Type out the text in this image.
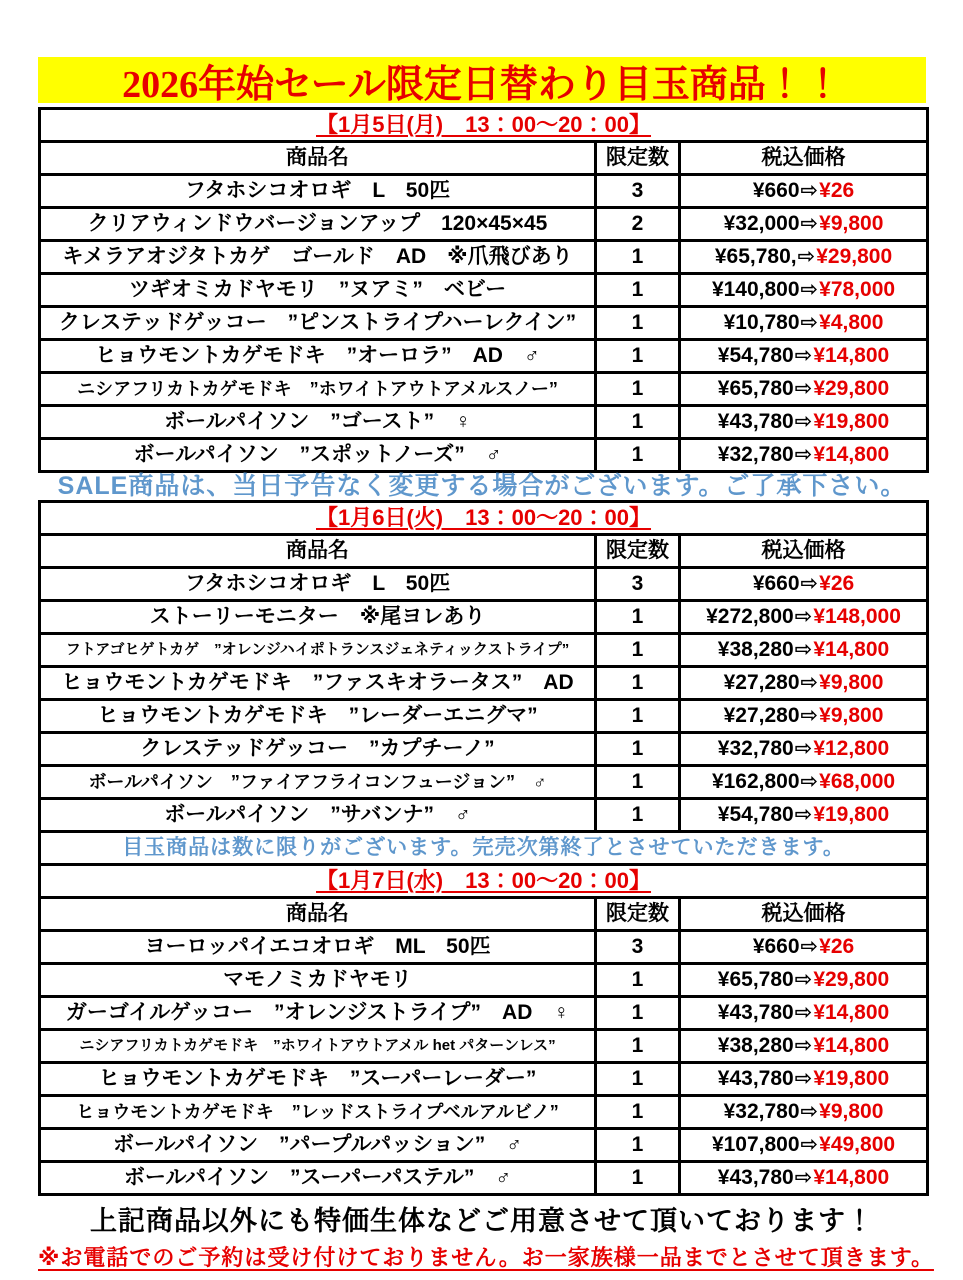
2026年始セール限定日替わり目玉商品！！
【1月5日(月)　13：00～20：00】		
商品名	限定数	税込価格
フタホシコオロギ　L　50匹	3	¥660⇨¥26
クリアウィンドウバージョンアップ　120×45×45	2	¥32,000⇨¥9,800
キメラアオジタトカゲ　ゴールド　AD　※爪飛びあり	1	¥65,780,⇨¥29,800
ツギオミカドヤモリ　”ヌアミ”　ベビー	1	¥140,800⇨¥78,000
クレステッドゲッコー　”ピンストライプハーレクイン”	1	¥10,780⇨¥4,800
ヒョウモントカゲモドキ　”オーロラ”　AD　♂	1	¥54,780⇨¥14,800
ニシアフリカトカゲモドキ　”ホワイトアウトアメルスノー”	1	¥65,780⇨¥29,800
ボールパイソン　”ゴースト”　♀	1	¥43,780⇨¥19,800
ボールパイソン　”スポットノーズ”　♂	1	¥32,780⇨¥14,800
SALE商品は、当日予告なく変更する場合がございます。ご了承下さい。
【1月6日(火)　13：00～20：00】		
商品名	限定数	税込価格
フタホシコオロギ　L　50匹	3	¥660⇨¥26
ストーリーモニター　※尾ヨレあり	1	¥272,800⇨¥148,000
フトアゴヒゲトカゲ　”オレンジハイポトランスジェネティックストライプ”	1	¥38,280⇨¥14,800
ヒョウモントカゲモドキ　”ファスキオラータス”　AD	1	¥27,280⇨¥9,800
ヒョウモントカゲモドキ　”レーダーエニグマ”	1	¥27,280⇨¥9,800
クレステッドゲッコー　”カプチーノ”	1	¥32,780⇨¥12,800
ボールパイソン　”ファイアフライコンフュージョン”　♂	1	¥162,800⇨¥68,000
ボールパイソン　”サバンナ”　♂	1	¥54,780⇨¥19,800
目玉商品は数に限りがございます。完売次第終了とさせていただきます。		
【1月7日(水)　13：00～20：00】		
商品名	限定数	税込価格
ヨーロッパイエコオロギ　ML　50匹	3	¥660⇨¥26
マモノミカドヤモリ	1	¥65,780⇨¥29,800
ガーゴイルゲッコー　”オレンジストライプ”　AD　♀	1	¥43,780⇨¥14,800
ニシアフリカトカゲモドキ　”ホワイトアウトアメル het パターンレス”	1	¥38,280⇨¥14,800
ヒョウモントカゲモドキ　”スーパーレーダー”	1	¥43,780⇨¥19,800
ヒョウモントカゲモドキ　”レッドストライプベルアルビノ”	1	¥32,780⇨¥9,800
ボールパイソン　”パープルパッション”　♂	1	¥107,800⇨¥49,800
ボールパイソン　”スーパーパステル”　♂	1	¥43,780⇨¥14,800
上記商品以外にも特価生体などご用意させて頂いております！
※お電話でのご予約は受け付けておりません。お一家族様一品までとさせて頂きます。
